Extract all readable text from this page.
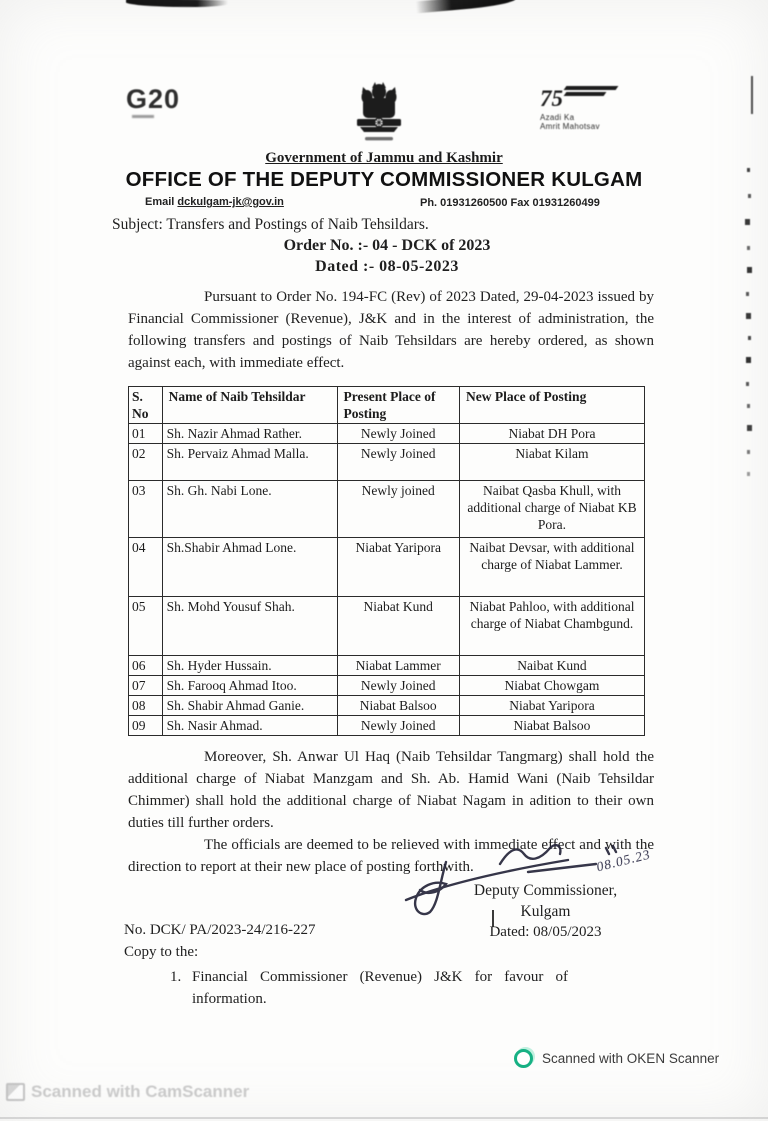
G20	75
Azadi Ka
Amrit Mahotsav
Government of Jammu and Kashmir
OFFICE OF THE DEPUTY COMMISSIONER KULGAM
Email dckulgam-jk@gov.in	Ph. 01931260500 Fax 01931260499
Subject: Transfers and Postings of Naib Tehsildars.
Order No. :- 04 - DCK of 2023
Dated :- 08-05-2023

Pursuant to Order No. 194-FC (Rev) of 2023 Dated, 29-04-2023 issued by Financial Commissioner (Revenue), J&K and in the interest of administration, the following transfers and postings of Naib Tehsildars are hereby ordered, as shown against each, with immediate effect.

S. No	Name of Naib Tehsildar	Present Place of Posting	New Place of Posting
01	Sh. Nazir Ahmad Rather.	Newly Joined	Niabat DH Pora
02	Sh. Pervaiz Ahmad Malla.	Newly Joined	Niabat Kilam
03	Sh. Gh. Nabi Lone.	Newly joined	Naibat Qasba Khull, with additional charge of Niabat KB Pora.
04	Sh.Shabir Ahmad Lone.	Niabat Yaripora	Naibat Devsar, with additional charge of Niabat Lammer.
05	Sh. Mohd Yousuf Shah.	Niabat Kund	Niabat Pahloo, with additional charge of Niabat Chambgund.
06	Sh. Hyder Hussain.	Niabat Lammer	Naibat Kund
07	Sh. Farooq Ahmad Itoo.	Newly Joined	Niabat Chowgam
08	Sh. Shabir Ahmad Ganie.	Niabat Balsoo	Niabat Yaripora
09	Sh. Nasir Ahmad.	Newly Joined	Niabat Balsoo

Moreover, Sh. Anwar Ul Haq (Naib Tehsildar Tangmarg) shall hold the additional charge of Niabat Manzgam and Sh. Ab. Hamid Wani (Naib Tehsildar Chimmer) shall hold the additional charge of Niabat Nagam in adition to their own duties till further orders.

The officials are deemed to be relieved with immediate effect and with the direction to report at their new place of posting forthwith.	08.05.23
Deputy Commissioner,
Kulgam
Dated: 08/05/2023
No. DCK/ PA/2023-24/216-227
Copy to the:
1. Financial Commissioner (Revenue) J&K for favour of information.
Scanned with OKEN Scanner
Scanned with CamScanner
